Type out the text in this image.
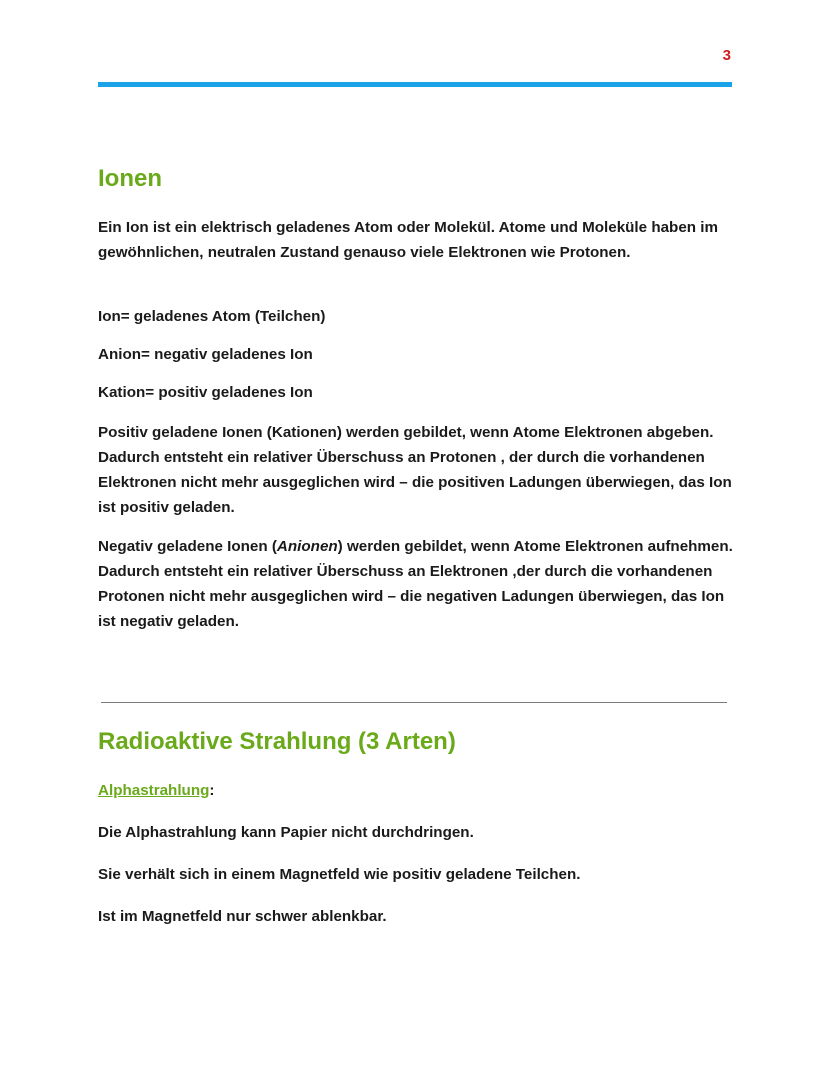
3
Ionen

Ein Ion ist ein elektrisch geladenes Atom oder Molekül. Atome und Moleküle haben im gewöhnlichen, neutralen Zustand genauso viele Elektronen wie Protonen.

Ion= geladenes Atom (Teilchen)

Anion= negativ geladenes Ion

Kation= positiv geladenes Ion

Positiv geladene Ionen (Kationen) werden gebildet, wenn Atome Elektronen abgeben. Dadurch entsteht ein relativer Überschuss an Protonen , der durch die vorhandenen Elektronen nicht mehr ausgeglichen wird – die positiven Ladungen überwiegen, das Ion ist positiv geladen.

Negativ geladene Ionen (Anionen) werden gebildet, wenn Atome Elektronen aufnehmen. Dadurch entsteht ein relativer Überschuss an Elektronen ,der durch die vorhandenen Protonen nicht mehr ausgeglichen wird – die negativen Ladungen überwiegen, das Ion ist negativ geladen.

Radioaktive Strahlung (3 Arten)

Alphastrahlung:

Die Alphastrahlung kann Papier nicht durchdringen.

Sie verhält sich in einem Magnetfeld wie positiv geladene Teilchen.

Ist im Magnetfeld nur schwer ablenkbar.
